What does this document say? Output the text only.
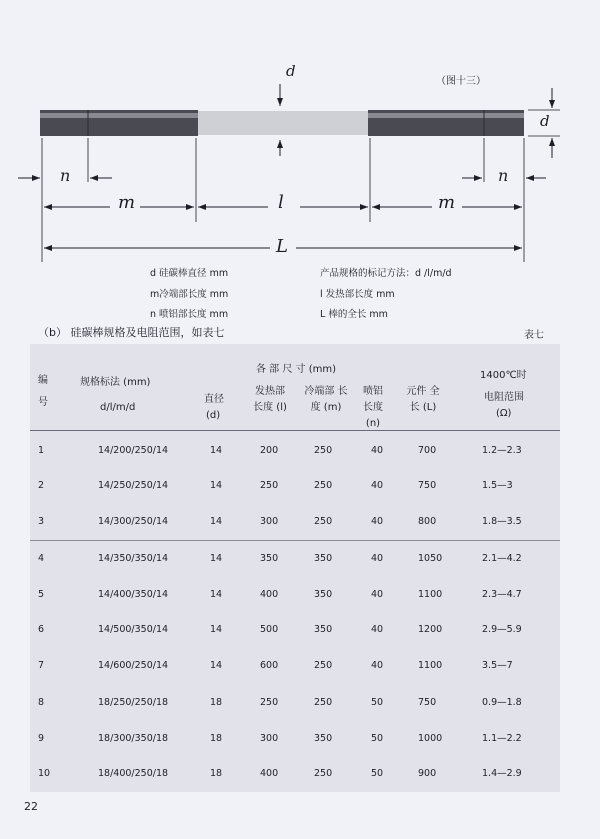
（图十三）
d
d
n	n
m	l	m
L
d 硅碳棒直径 mm
m冷端部长度 mm
n 喷铝部长度 mm
产品规格的标记方法：d /l/m/d
l 发热部长度 mm
L 棒的全长 mm
（b） 硅碳棒规格及电阻范围，如表七	表七
编 号
规格标法 (mm)
d/l/m/d
各 部 尺 寸 (mm)
直径
(d)
发热部 长度 (l)
冷端部 长度 (m)
喷铝 长度 (n)
元件 全长 (L)
1400℃时
电阻范围
(Ω)
1	14/200/250/14	14	200	250	40	700	1.2—2.3
2	14/250/250/14	14	250	250	40	750	1.5—3
3	14/300/250/14	14	300	250	40	800	1.8—3.5
4	14/350/350/14	14	350	350	40	1050	2.1—4.2
5	14/400/350/14	14	400	350	40	1100	2.3—4.7
6	14/500/350/14	14	500	350	40	1200	2.9—5.9
7	14/600/250/14	14	600	250	40	1100	3.5—7
8	18/250/250/18	18	250	250	50	750	0.9—1.8
9	18/300/350/18	18	300	350	50	1000	1.1—2.2
10	18/400/250/18	18	400	250	50	900	1.4—2.9
22
